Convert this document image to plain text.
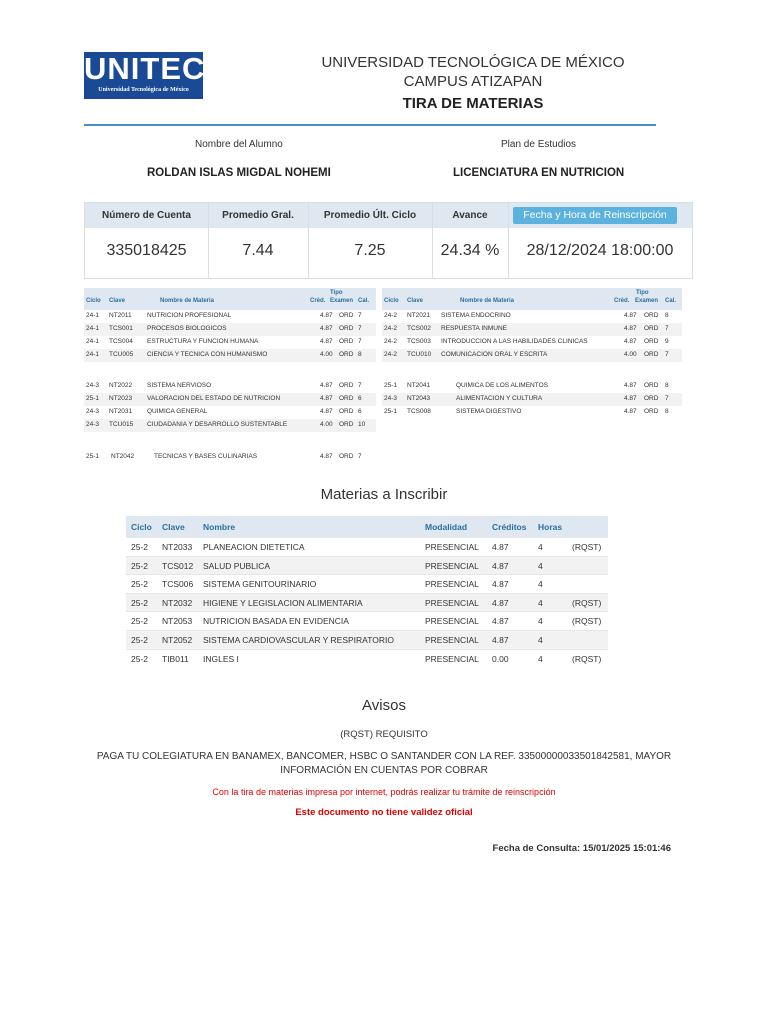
UNITEC
Universidad Tecnológica de México
UNIVERSIDAD TECNOLÓGICA DE MÉXICO
CAMPUS ATIZAPAN
TIRA DE MATERIAS
Nombre del Alumno
ROLDAN ISLAS MIGDAL NOHEMI
Plan de Estudios
LICENCIATURA EN NUTRICION
Número de Cuenta
335018425
Promedio Gral.
7.44
Promedio Últ. Ciclo
7.25
Avance
24.34 %
Fecha y Hora de Reinscripción
28/12/2024 18:00:00
Ciclo Clave	Nombre de Materia
Tipo
Créd. Examen Cal.
24-1 NT2011 NUTRICION PROFESIONAL	4.87 ORD 7
24-1 TCS001 PROCESOS BIOLOGICOS	4.87 ORD 7
24-1 TCS004 ESTRUCTURA Y FUNCION HUMANA	4.87 ORD 7
24-1 TCU005 CIENCIA Y TECNICA CON HUMANISMO	4.00 ORD 8
24-3 NT2022 SISTEMA NERVIOSO	4.87 ORD 7
25-1 NT2023 VALORACION DEL ESTADO DE NUTRICION	4.87 ORD 6
24-3 NT2031 QUIMICA GENERAL	4.87 ORD 6
24-3 TCU015 CIUDADANIA Y DESARROLLO SUSTENTABLE	4.00 ORD 10
25-1 NT2042	TECNICAS Y BASES CULINARIAS	4.87 ORD 7
Ciclo Clave	Nombre de Materia
Tipo
Créd. Examen Cal.
24-2 NT2021 SISTEMA ENDOCRINO	4.87 ORD 8
24-2 TCS002 RESPUESTA INMUNE	4.87 ORD 7
24-2 TCS003 INTRODUCCION A LAS HABILIDADES CLINICAS	4.87 ORD 9
24-2 TCU010 COMUNICACION ORAL Y ESCRITA	4.00 ORD 7
25-1 NT2041	QUIMICA DE LOS ALIMENTOS	4.87 ORD 8
24-3 NT2043	ALIMENTACION Y CULTURA	4.87 ORD 7
25-1 TCS008	SISTEMA DIGESTIVO	4.87 ORD 8
Materias a Inscribir
Ciclo Clave Nombre	Modalidad	Créditos Horas
25-2 NT2033 PLANEACION DIETETICA	PRESENCIAL 4.87	4	(RQST)
25-2 TCS012 SALUD PUBLICA	PRESENCIAL 4.87	4
25-2 TCS006 SISTEMA GENITOURINARIO	PRESENCIAL 4.87	4
25-2 NT2032 HIGIENE Y LEGISLACION ALIMENTARIA	PRESENCIAL 4.87	4	(RQST)
25-2 NT2053 NUTRICION BASADA EN EVIDENCIA	PRESENCIAL 4.87	4	(RQST)
25-2 NT2052 SISTEMA CARDIOVASCULAR Y RESPIRATORIO	PRESENCIAL 4.87	4
25-2 TIB011 INGLES I	PRESENCIAL 0.00	4	(RQST)
Avisos
(RQST) REQUISITO
PAGA TU COLEGIATURA EN BANAMEX, BANCOMER, HSBC O SANTANDER CON LA REF. 33500000033501842581, MAYOR
INFORMACIÓN EN CUENTAS POR COBRAR
Con la tira de materias impresa por internet, podrás realizar tu trámite de reinscripción
Este documento no tiene validez oficial
Fecha de Consulta: 15/01/2025 15:01:46
